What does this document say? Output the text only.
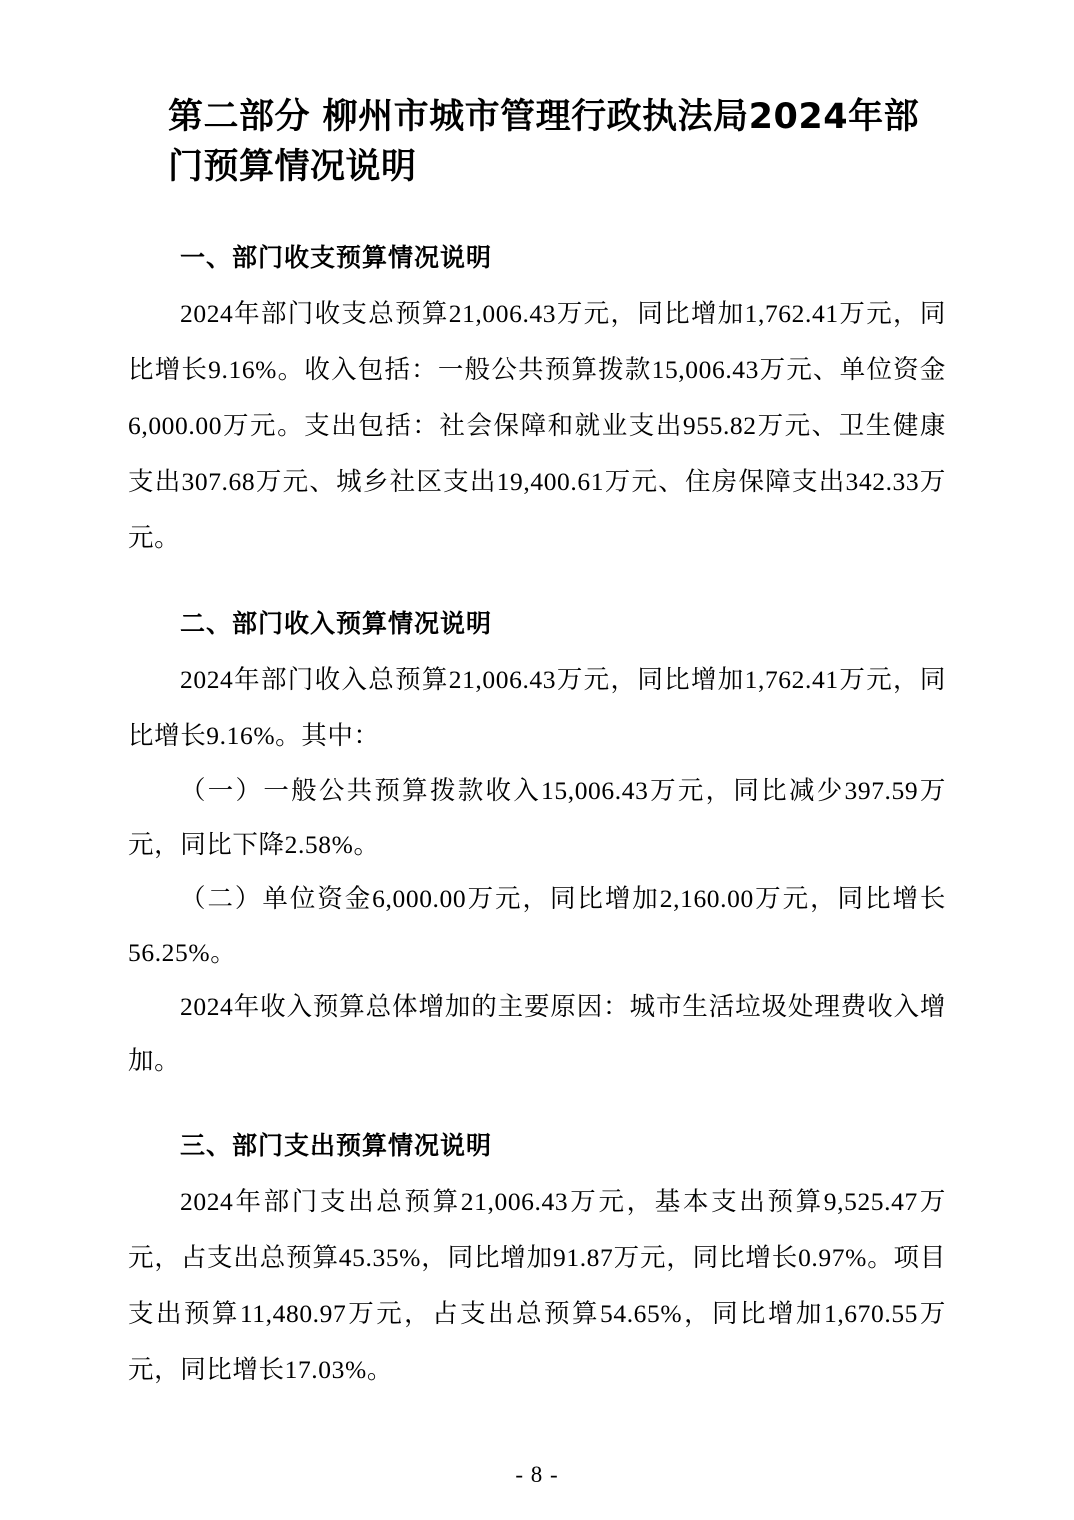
第二部分 柳州市城市管理行政执法局2024年部门预算情况说明
一、部门收支预算情况说明

2024年部门收支总预算21,006.43万元，同比增加1,762.41万元，同比增长9.16%。收入包括：一般公共预算拨款15,006.43万元、单位资金6,000.00万元。支出包括：社会保障和就业支出955.82万元、卫生健康支出307.68万元、城乡社区支出19,400.61万元、住房保障支出342.33万元。

二、部门收入预算情况说明

2024年部门收入总预算21,006.43万元，同比增加1,762.41万元，同比增长9.16%。其中：

（一）一般公共预算拨款收入15,006.43万元，同比减少397.59万元，同比下降2.58%。

（二）单位资金6,000.00万元，同比增加2,160.00万元，同比增长56.25%。

2024年收入预算总体增加的主要原因：城市生活垃圾处理费收入增加。

三、部门支出预算情况说明

2024年部门支出总预算21,006.43万元，基本支出预算9,525.47万元，占支出总预算45.35%，同比增加91.87万元，同比增长0.97%。项目支出预算11,480.97万元，占支出总预算54.65%，同比增加1,670.55万元，同比增长17.03%。

- 8 -
